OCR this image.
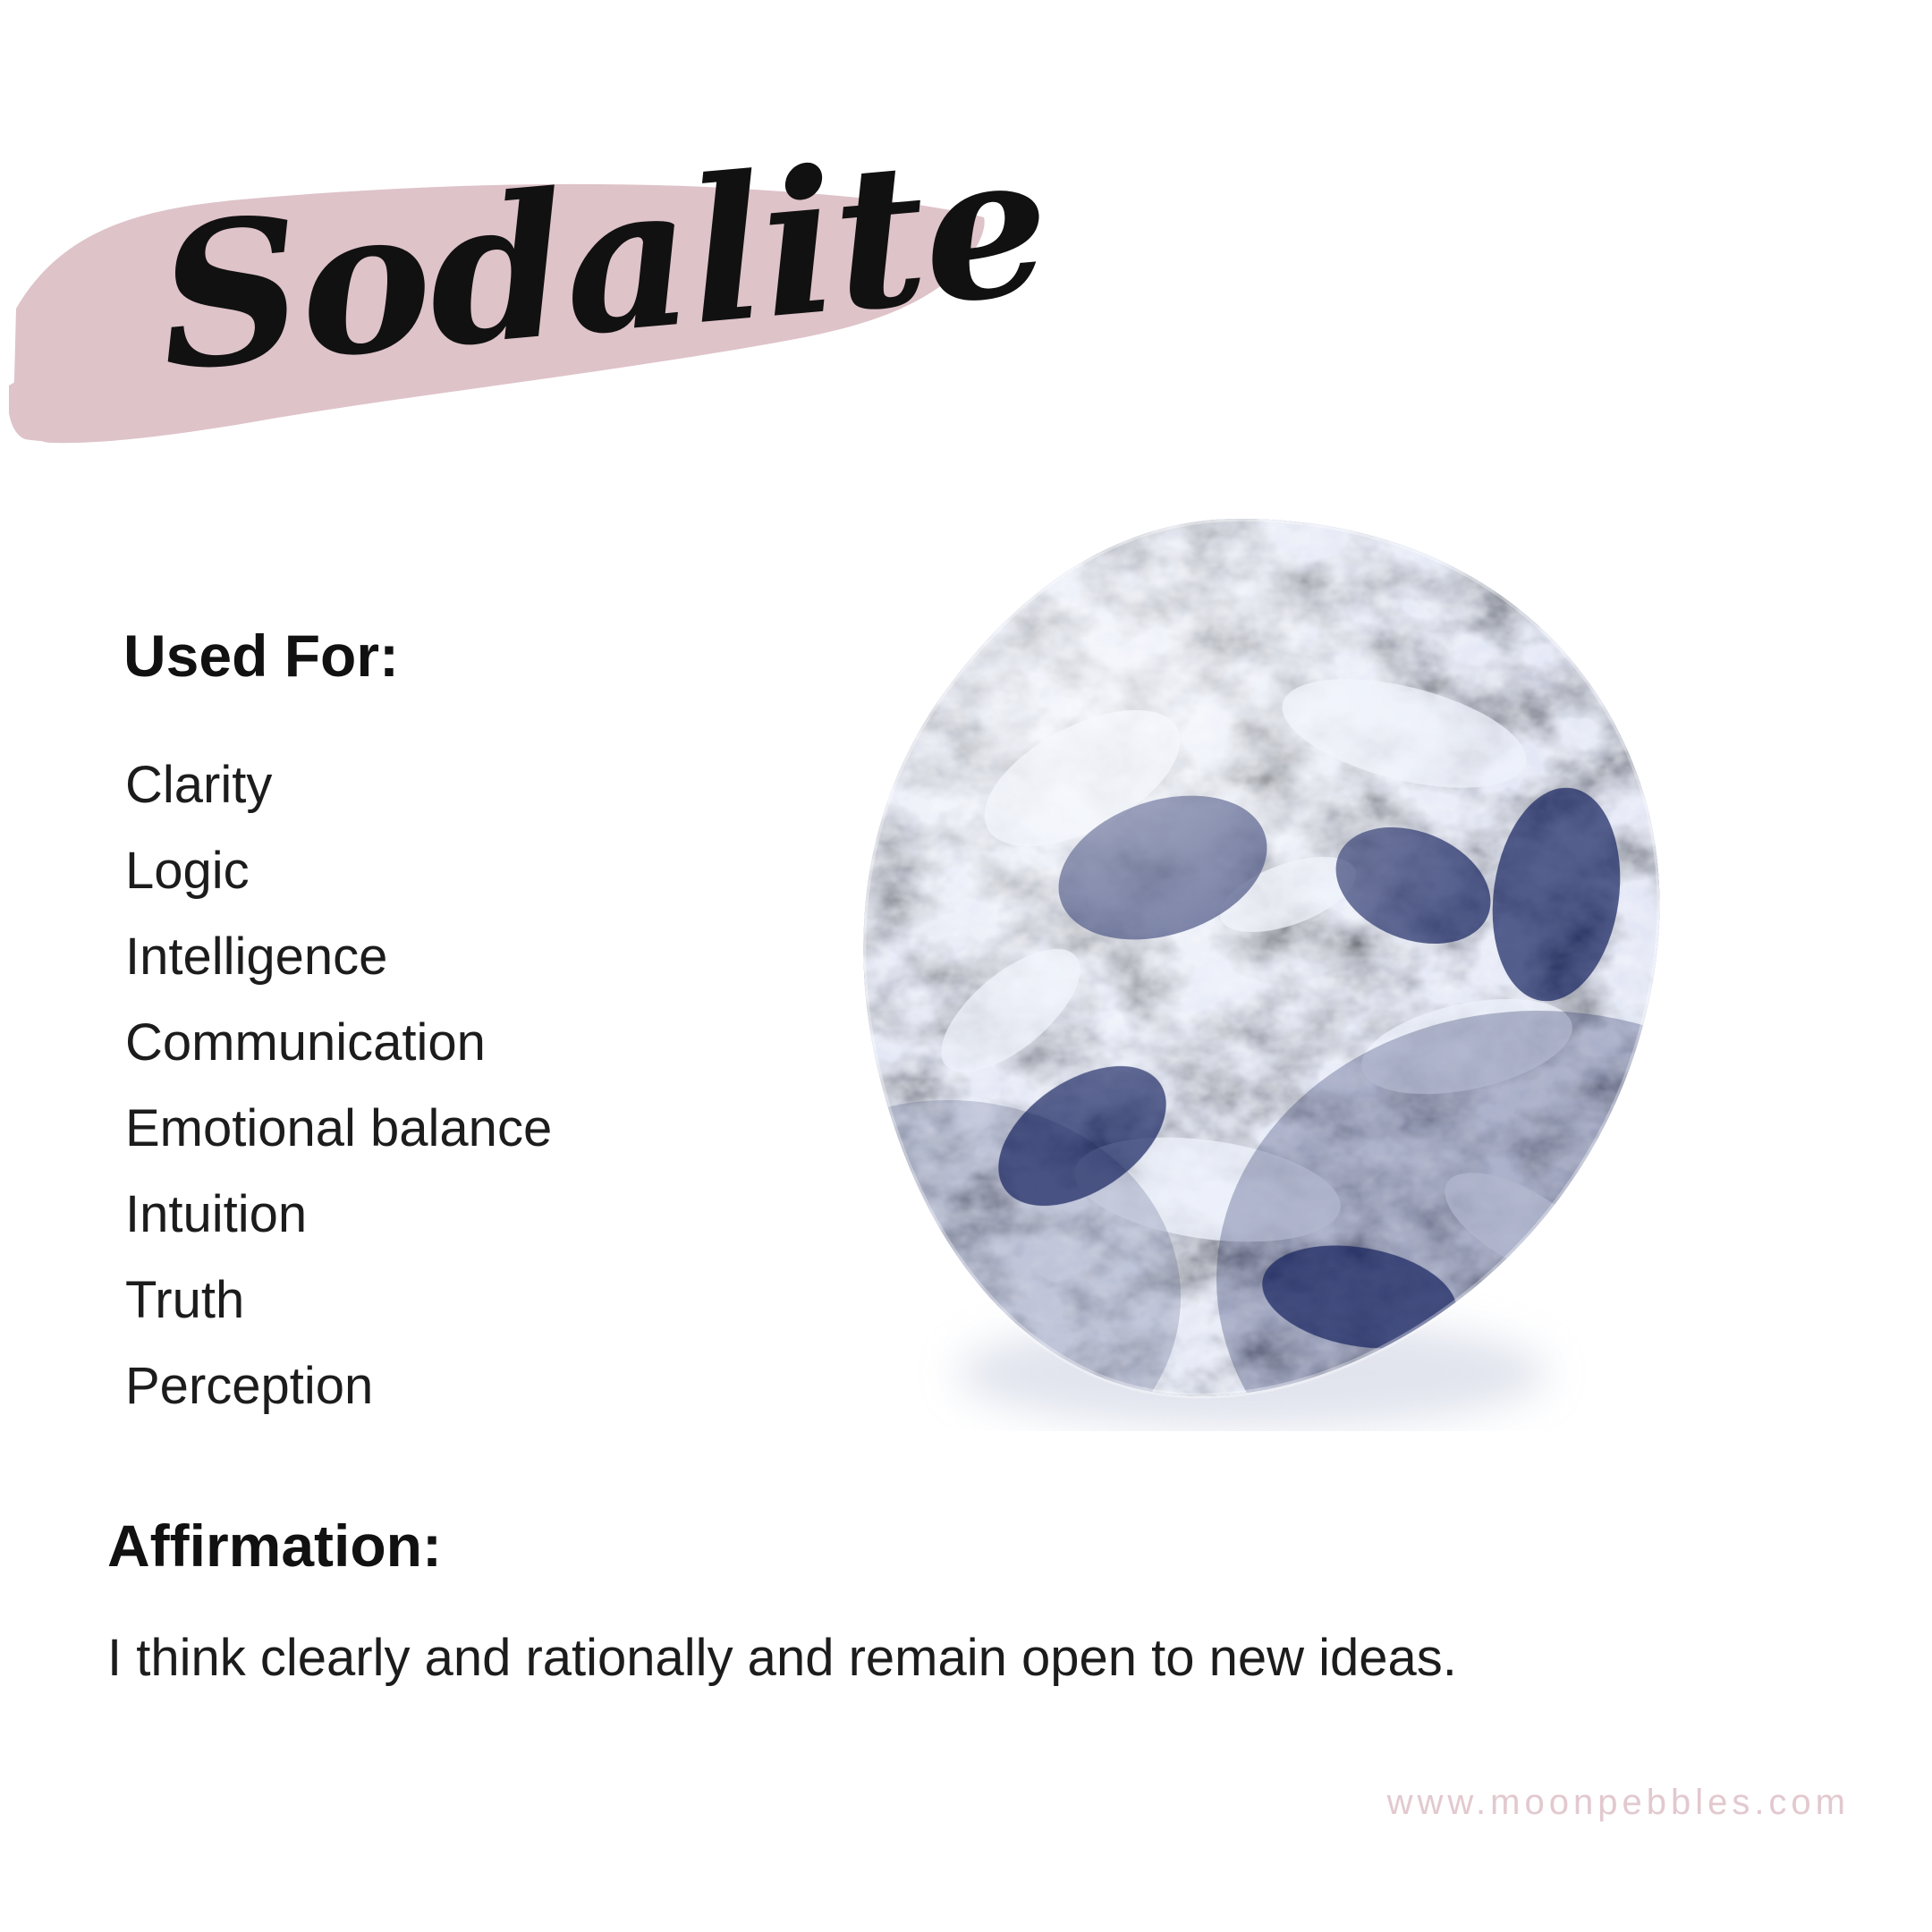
Sodalite
Used For:
Clarity
Logic
Intelligence
Communication
Emotional balance
Intuition
Truth
Perception
Affirmation:
I think clearly and rationally and remain open to new ideas.
www.moonpebbles.com
